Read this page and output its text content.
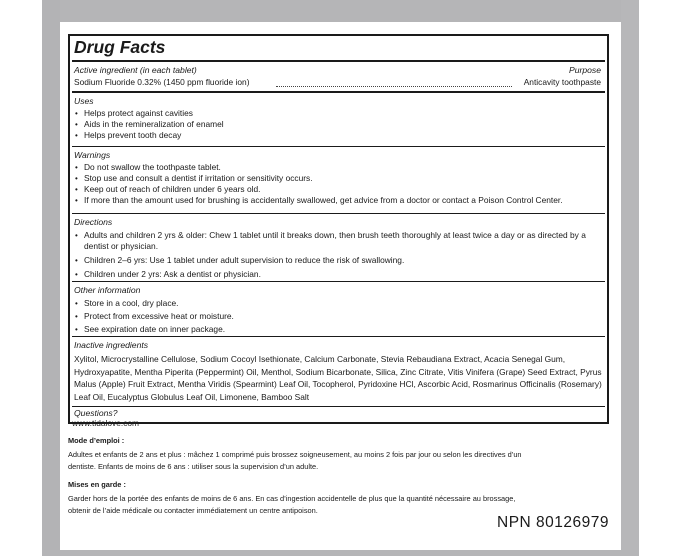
Drug Facts
Active ingredient (in each tablet)	Purpose
Sodium Fluoride 0.32% (1450 ppm fluoride ion)	Anticavity toothpaste
Uses
• Helps protect against cavities
• Aids in the remineralization of enamel
• Helps prevent tooth decay
Warnings
• Do not swallow the toothpaste tablet.
• Stop use and consult a dentist if irritation or sensitivity occurs.
• Keep out of reach of children under 6 years old.
• If more than the amount used for brushing is accidentally swallowed, get advice from a doctor or contact a Poison Control Center.
Directions
• Adults and children 2 yrs & older: Chew 1 tablet until it breaks down, then brush teeth thoroughly at least twice a day or as directed by a dentist or physician.
• Children 2–6 yrs: Use 1 tablet under adult supervision to reduce the risk of swallowing.
• Children under 2 yrs: Ask a dentist or physician.
Other information
• Store in a cool, dry place.
• Protect from excessive heat or moisture.
• See expiration date on inner package.
Inactive ingredients
Xylitol, Microcrystalline Cellulose, Sodium Cocoyl Isethionate, Calcium Carbonate, Stevia Rebaudiana Extract, Acacia Senegal Gum, Hydroxyapatite, Mentha Piperita (Peppermint) Oil, Menthol, Sodium Bicarbonate, Silica, Zinc Citrate, Vitis Vinifera (Grape) Seed Extract, Pyrus Malus (Apple) Fruit Extract, Mentha Viridis (Spearmint) Leaf Oil, Tocopherol, Pyridoxine HCl, Ascorbic Acid, Rosmarinus Officinalis (Rosemary) Leaf Oil, Eucalyptus Globulus Leaf Oil, Limonene, Bamboo Salt
Questions?
www.tidalove.com
Mode d’emploi :
Adultes et enfants de 2 ans et plus : mâchez 1 comprimé puis brossez soigneusement, au moins 2 fois par jour ou selon les directives d’un dentiste. Enfants de moins de 6 ans : utiliser sous la supervision d’un adulte.
Mises en garde :
Garder hors de la portée des enfants de moins de 6 ans. En cas d’ingestion accidentelle de plus que la quantité nécessaire au brossage, obtenir de l’aide médicale ou contacter immédiatement un centre antipoison.
NPN 80126979
